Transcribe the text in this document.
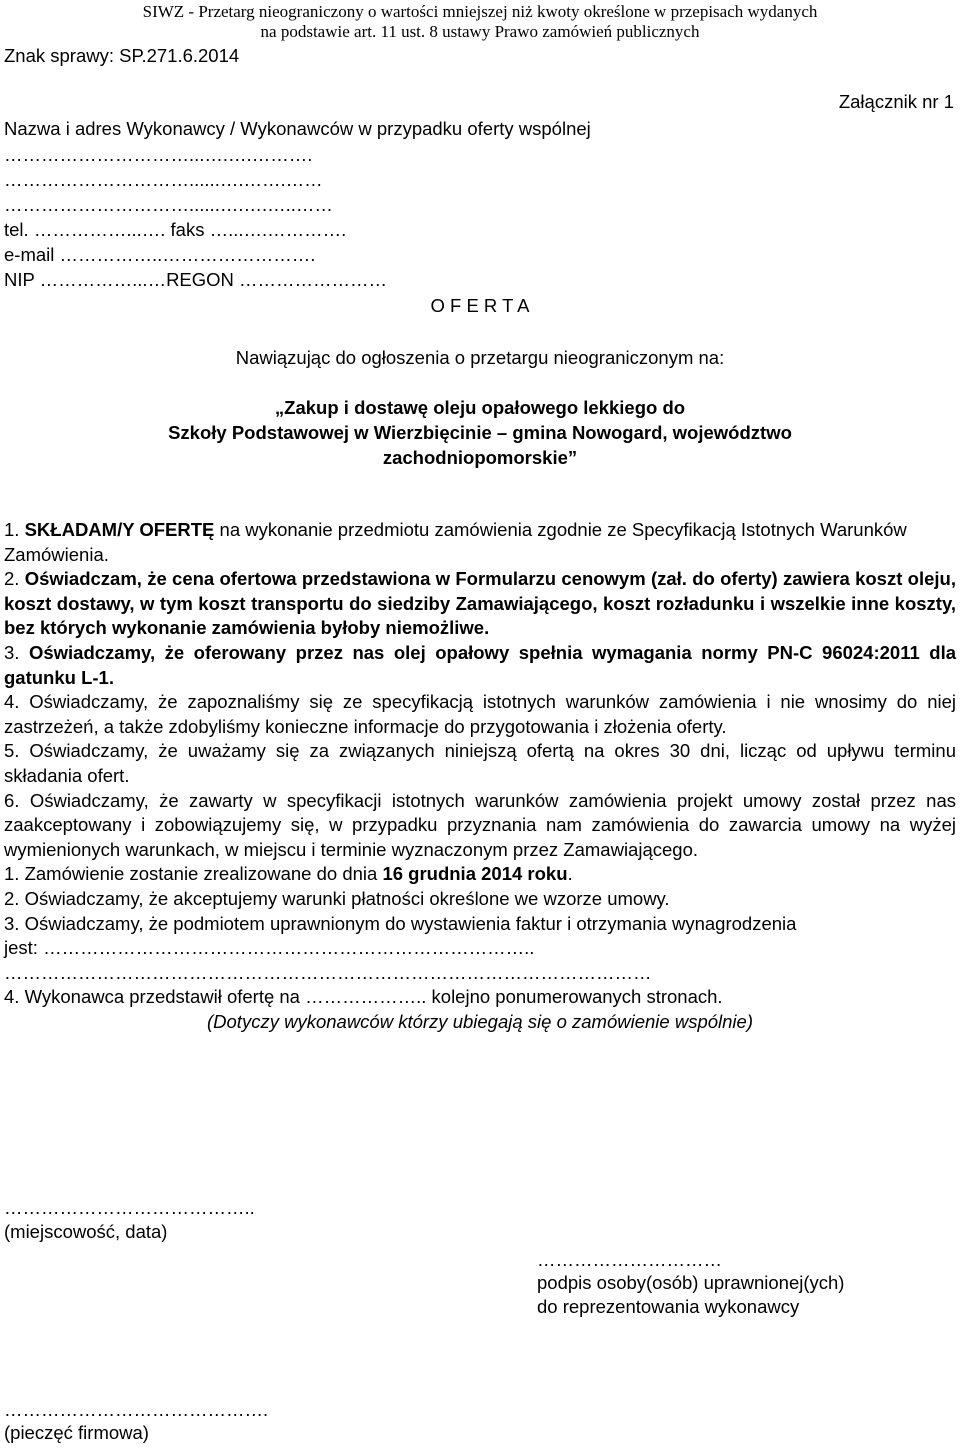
SIWZ - Przetarg nieograniczony o wartości mniejszej niż kwoty określone w przepisach wydanych
na podstawie art. 11 ust. 8 ustawy Prawo zamówień publicznych
Znak sprawy: SP.271.6.2014
Załącznik nr 1
Nazwa i adres Wykonawcy / Wykonawców w przypadku oferty wspólnej
…………………………...….….……….
…………………………......….…….……
…………………………......….….…..……
tel. ……………...…. faks …...….………….
e-mail ……………..…………………….
NIP ……………...…REGON ……………………
O F E R T A
Nawiązując do ogłoszenia o przetargu nieograniczonym na:
„Zakup i dostawę oleju opałowego lekkiego do
Szkoły Podstawowej w Wierzbięcinie – gmina Nowogard, województwo
zachodniopomorskie”

1. SKŁADAM/Y OFERTĘ na wykonanie przedmiotu zamówienia zgodnie ze Specyfikacją Istotnych Warunków Zamówienia.

2. Oświadczam, że cena ofertowa przedstawiona w Formularzu cenowym (zał. do oferty) zawiera koszt oleju, koszt dostawy, w tym koszt transportu do siedziby Zamawiającego, koszt rozładunku i wszelkie inne koszty, bez których wykonanie zamówienia byłoby niemożliwe.

3. Oświadczamy, że oferowany przez nas olej opałowy spełnia wymagania normy PN-C 96024:2011 dla gatunku L-1.

4. Oświadczamy, że zapoznaliśmy się ze specyfikacją istotnych warunków zamówienia i nie wnosimy do niej zastrzeżeń, a także zdobyliśmy konieczne informacje do przygotowania i złożenia oferty.

5. Oświadczamy, że uważamy się za związanych niniejszą ofertą na okres 30 dni, licząc od upływu terminu składania ofert.

6. Oświadczamy, że zawarty w specyfikacji istotnych warunków zamówienia projekt umowy został przez nas zaakceptowany i zobowiązujemy się, w przypadku przyznania nam zamówienia do zawarcia umowy na wyżej wymienionych warunkach, w miejscu i terminie wyznaczonym przez Zamawiającego.

1. Zamówienie zostanie zrealizowane do dnia 16 grudnia 2014 roku.

2. Oświadczamy, że akceptujemy warunki płatności określone we wzorze umowy.

3. Oświadczamy, że podmiotem uprawnionym do wystawienia faktur i otrzymania wynagrodzenia

jest: ……………………………………………………………………..

……………………………………………………………………………………………

4. Wykonawca przedstawił ofertę na ……………….. kolejno ponumerowanych stronach.

(Dotyczy wykonawców którzy ubiegają się o zamówienie wspólnie)

…………………………………..
(miejscowość, data)
…………………………
podpis osoby(osób) uprawnionej(ych)
do reprezentowania wykonawcy
…………………………………….
(pieczęć firmowa)
